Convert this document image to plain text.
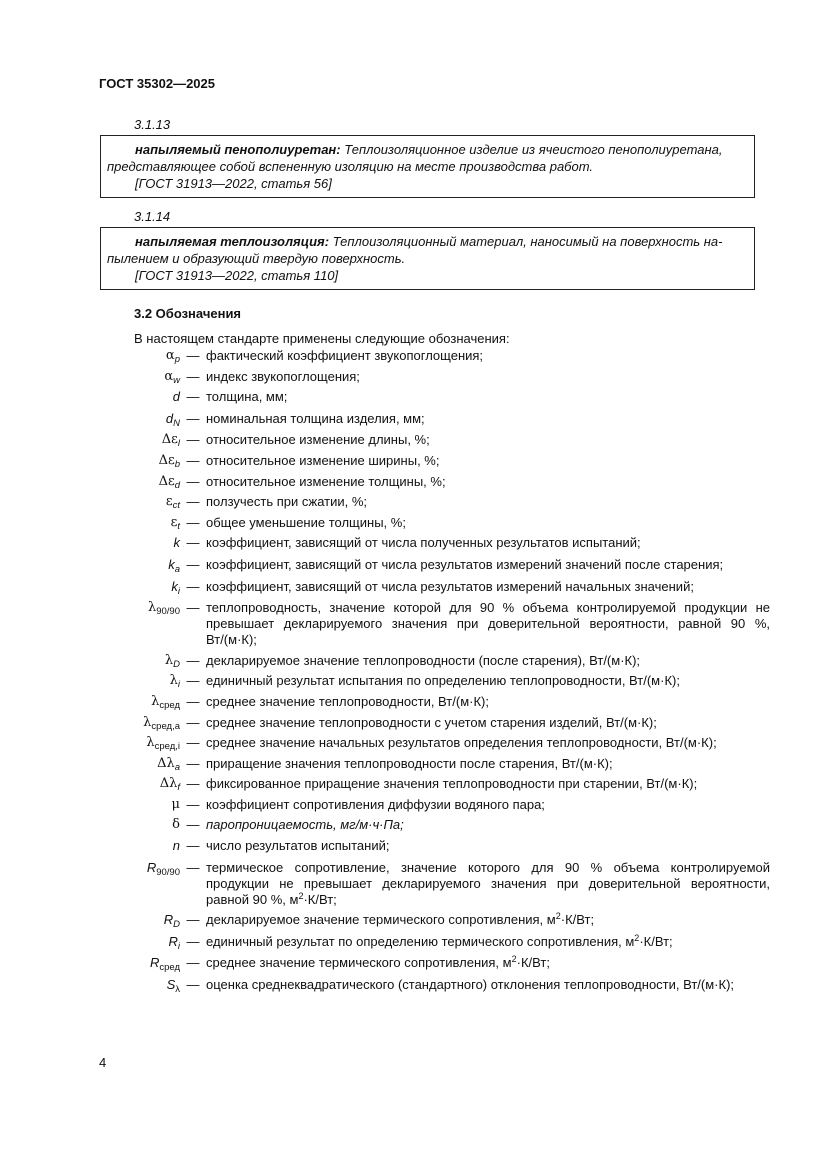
ГОСТ 35302—2025
3.1.13
напыляемый пенополиуретан: Теплоизоляционное изделие из ячеистого пенополиуретана,
представляющее собой вспененную изоляцию на месте производства работ.
[ГОСТ 31913—2022, статья 56]
3.1.14
напыляемая теплоизоляция: Теплоизоляционный материал, наносимый на поверхность на-
пылением и образующий твердую поверхность.
[ГОСТ 31913—2022, статья 110]
3.2 Обозначения
В настоящем стандарте применены следующие обозначения:
$\alpha_p$ — фактический коэффициент звукопоглощения;
$\alpha_w$ — индекс звукопоглощения;
d — толщина, мм;
$d_N$ — номинальная толщина изделия, мм;
$\Delta\varepsilon_l$ — относительное изменение длины, %;
$\Delta\varepsilon_b$ — относительное изменение ширины, %;
$\Delta\varepsilon_d$ — относительное изменение толщины, %;
$\varepsilon_{ct}$ — ползучесть при сжатии, %;
$\varepsilon_t$ — общее уменьшение толщины, %;
k — коэффициент, зависящий от числа полученных результатов испытаний;
$k_a$ — коэффициент, зависящий от числа результатов измерений значений после старения;
$k_i$ — коэффициент, зависящий от числа результатов измерений начальных значений;
$\lambda_{90/90}$ — теплопроводность, значение которой для 90 % объема контролируемой продукции не превышает декларируемого значения при доверительной вероятности, равной 90 %, Вт/(м·К);
$\lambda_D$ — декларируемое значение теплопроводности (после старения), Вт/(м·К);
$\lambda_i$ — единичный результат испытания по определению теплопроводности, Вт/(м·К);
$\lambda_{сред}$ — среднее значение теплопроводности, Вт/(м·К);
$\lambda_{сред,a}$ — среднее значение теплопроводности с учетом старения изделий, Вт/(м·К);
$\lambda_{сред,i}$ — среднее значение начальных результатов определения теплопроводности, Вт/(м·К);
$\Delta\lambda_a$ — приращение значения теплопроводности после старения, Вт/(м·К);
$\Delta\lambda_f$ — фиксированное приращение значения теплопроводности при старении, Вт/(м·К);
μ — коэффициент сопротивления диффузии водяного пара;
δ — паропроницаемость, мг/м·ч·Па;
n — число результатов испытаний;
$R_{90/90}$ — термическое сопротивление, значение которого для 90 % объема контролируемой продукции не превышает декларируемого значения при доверительной вероятности, равной 90 %, $м^2\cdot К/Вт$;
$R_D$ — декларируемое значение термического сопротивления, $м^2\cdot К/Вт$;
$R_i$ — единичный результат по определению термического сопротивления, $м^2\cdot К/Вт$;
$R_{сред}$ — среднее значение термического сопротивления, $м^2\cdot К/Вт$;
$S_\lambda$ — оценка среднеквадратического (стандартного) отклонения теплопроводности, Вт/(м·К);
4
